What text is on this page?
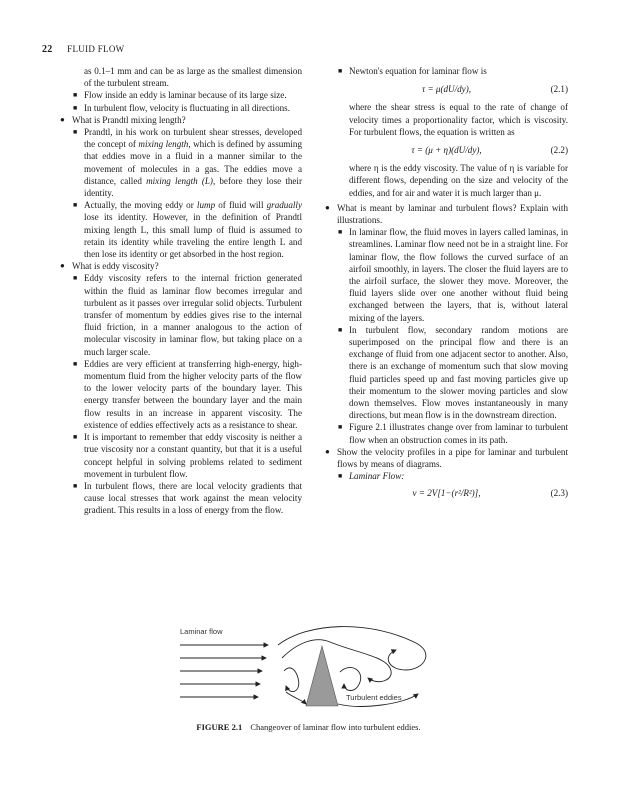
22 FLUID FLOW

as 0.1–1 mm and can be as large as the smallest dimension of the turbulent stream.

■ Flow inside an eddy is laminar because of its large size.

■ In turbulent flow, velocity is fluctuating in all directions.

● What is Prandtl mixing length?

■ Prandtl, in his work on turbulent shear stresses, developed the concept of mixing length, which is defined by assuming that eddies move in a fluid in a manner similar to the movement of molecules in a gas. The eddies move a distance, called mixing length (L), before they lose their identity.

■ Actually, the moving eddy or lump of fluid will gradually lose its identity. However, in the definition of Prandtl mixing length L, this small lump of fluid is assumed to retain its identity while traveling the entire length L and then lose its identity or get absorbed in the host region.

● What is eddy viscosity?

■ Eddy viscosity refers to the internal friction generated within the fluid as laminar flow becomes irregular and turbulent as it passes over irregular solid objects. Turbulent transfer of momentum by eddies gives rise to the internal fluid friction, in a manner analogous to the action of molecular viscosity in laminar flow, but taking place on a much larger scale.

■ Eddies are very efficient at transferring high-energy, high-momentum fluid from the higher velocity parts of the flow to the lower velocity parts of the boundary layer. This energy transfer between the boundary layer and the main flow results in an increase in apparent viscosity. The existence of eddies effectively acts as a resistance to shear.

■ It is important to remember that eddy viscosity is neither a true viscosity nor a constant quantity, but that it is a useful concept helpful in solving problems related to sediment movement in turbulent flow.

■ In turbulent flows, there are local velocity gradients that cause local stresses that work against the mean velocity gradient. This results in a loss of energy from the flow.

■ Newton's equation for laminar flow is

τ = μ(dU/dy),	(2.1)

where the shear stress is equal to the rate of change of velocity times a proportionality factor, which is viscosity. For turbulent flows, the equation is written as

τ = (μ + η)(dU/dy),	(2.2)

where η is the eddy viscosity. The value of η is variable for different flows, depending on the size and velocity of the eddies, and for air and water it is much larger than μ.

● What is meant by laminar and turbulent flows? Explain with illustrations.

■ In laminar flow, the fluid moves in layers called laminas, in streamlines. Laminar flow need not be in a straight line. For laminar flow, the flow follows the curved surface of an airfoil smoothly, in layers. The closer the fluid layers are to the airfoil surface, the slower they move. Moreover, the fluid layers slide over one another without fluid being exchanged between the layers, that is, without lateral mixing of the layers.

■ In turbulent flow, secondary random motions are superimposed on the principal flow and there is an exchange of fluid from one adjacent sector to another. Also, there is an exchange of momentum such that slow moving fluid particles speed up and fast moving particles give up their momentum to the slower moving particles and slow down themselves. Flow moves instantaneously in many directions, but mean flow is in the downstream direction.

■ Figure 2.1 illustrates change over from laminar to turbulent flow when an obstruction comes in its path.

● Show the velocity profiles in a pipe for laminar and turbulent flows by means of diagrams.

■ Laminar Flow:

v = 2V[1−(r²/R²)],	(2.3)
Laminar flow
Turbulent eddies
FIGURE 2.1 Changeover of laminar flow into turbulent eddies.
